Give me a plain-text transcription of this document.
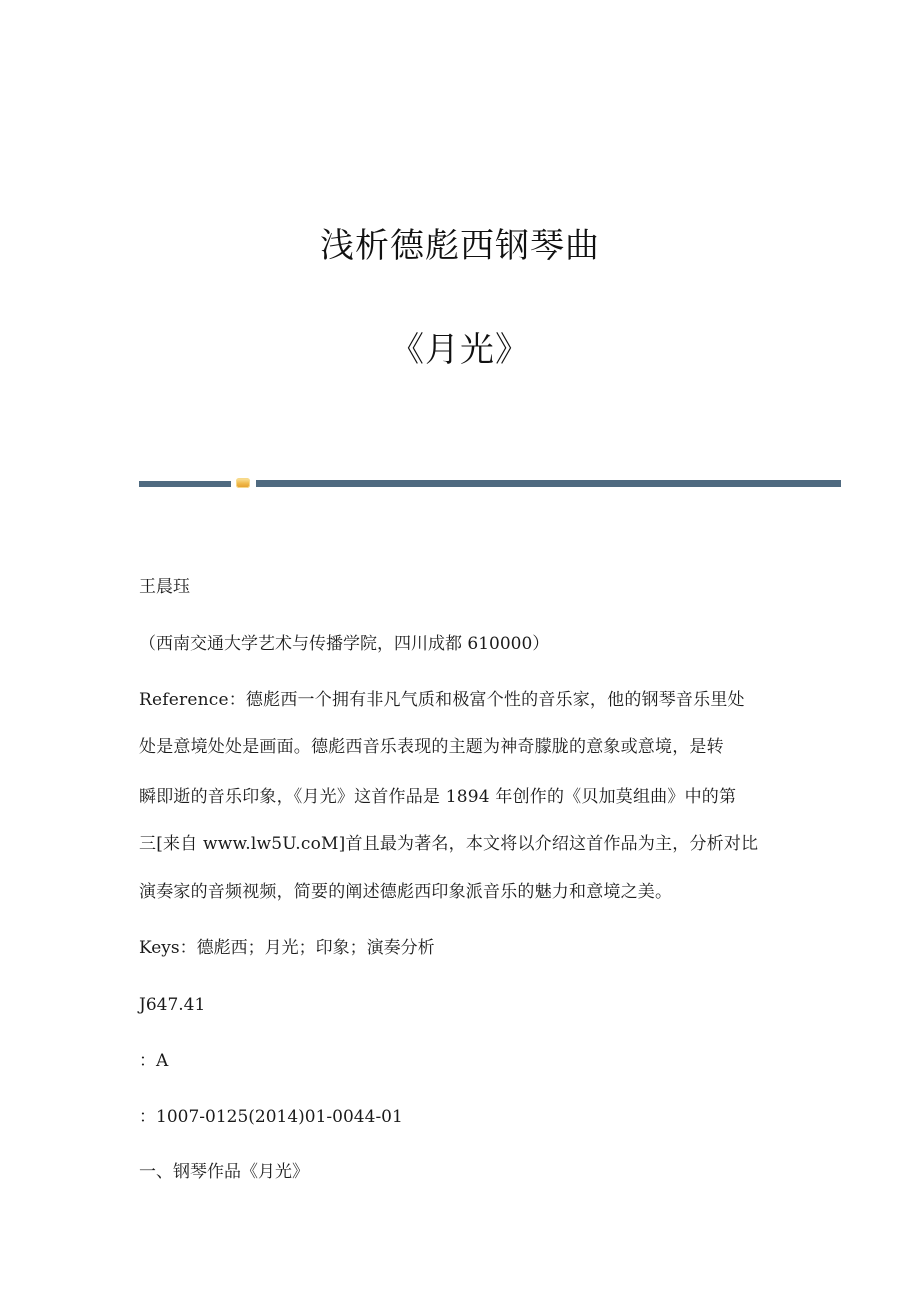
浅析德彪西钢琴曲
《月光》
王晨珏
（西南交通大学艺术与传播学院，四川成都 610000）
Reference：德彪西一个拥有非凡气质和极富个性的音乐家，他的钢琴音乐里处
处是意境处处是画面。德彪西音乐表现的主题为神奇朦胧的意象或意境，是转
瞬即逝的音乐印象，《月光》这首作品是 1894 年创作的《贝加莫组曲》中的第
三[来自 www.lw5U.coM]首且最为著名，本文将以介绍这首作品为主，分析对比
演奏家的音频视频，简要的阐述德彪西印象派音乐的魅力和意境之美。
Keys：德彪西；月光；印象；演奏分析
J647.41
：A
：1007-0125(2014)01-0044-01
一、钢琴作品《月光》
